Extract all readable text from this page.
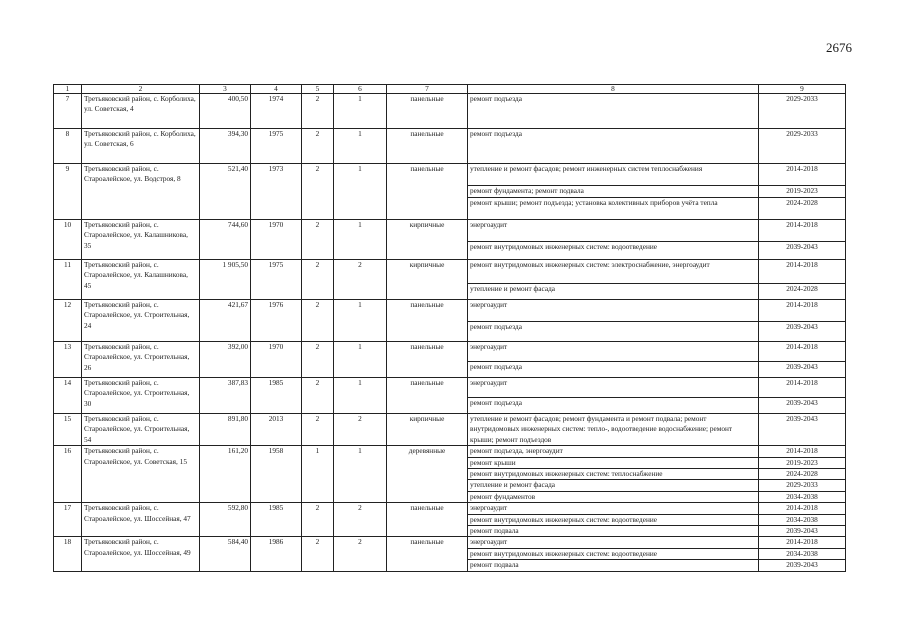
2676
1	2	3	4	5	6	7	8	9
7	Третьяковский район, с. Корболиха, ул. Советская, 4	400,50	1974	2	1	панельные	ремонт подъезда	2029-2033
8	Третьяковский район, с. Корболиха, ул. Советская, 6	394,30	1975	2	1	панельные	ремонт подъезда	2029-2033
9	Третьяковский район, с. Староалейское, ул. Водстроя, 8	521,40	1973	2	1	панельные	утепление и ремонт фасадов; ремонт инженерных систем теплоснабжения	2014-2018
							ремонт фундамента; ремонт подвала	2019-2023
							ремонт крыши; ремонт подъезда; установка колективных приборов учёта тепла	2024-2028
10	Третьяковский район, с. Староалейское, ул. Калашникова, 35	744,60	1970	2	1	кирпичные	энергоаудит	2014-2018
							ремонт внутридомовых инженерных систем: водоотведение	2039-2043
11	Третьяковский район, с. Староалейское, ул. Калашникова, 45	1 905,50	1975	2	2	кирпичные	ремонт внутридомовых инженерных систем: электроснабжение, энергоаудит	2014-2018
							утепление и ремонт фасада	2024-2028
12	Третьяковский район, с. Староалейское, ул. Строительная, 24	421,67	1976	2	1	панельные	энергоаудит	2014-2018
							ремонт подъезда	2039-2043
13	Третьяковский район, с. Староалейское, ул. Строительная, 26	392,00	1970	2	1	панельные	энергоаудит	2014-2018
							ремонт подъезда	2039-2043
14	Третьяковский район, с. Староалейское, ул. Строительная, 30	387,83	1985	2	1	панельные	энергоаудит	2014-2018
							ремонт подъезда	2039-2043
15	Третьяковский район, с. Староалейское, ул. Строительная, 54	891,80	2013	2	2	кирпичные	утепление и ремонт фасадов; ремонт фундамента и ремонт подвала; ремонт внутридомовых инженерных систем: тепло-, водоотведение водоснабжение; ремонт крыши; ремонт подъездов	2039-2043
16	Третьяковский район, с. Староалейское, ул. Советская, 15	161,20	1958	1	1	деревянные	ремонт подъезда, энергоаудит	2014-2018
							ремонт крыши	2019-2023
							ремонт внутридомовых инженерных систем: теплоснабжение	2024-2028
							утепление и ремонт фасада	2029-2033
							ремонт фундаментов	2034-2038
17	Третьяковский район, с. Староалейское, ул. Шоссейная, 47	592,80	1985	2	2	панельные	энергоаудит	2014-2018
							ремонт внутридомовых инженерных систем: водоотведение	2034-2038
							ремонт подвала	2039-2043
18	Третьяковский район, с. Староалейское, ул. Шоссейная, 49	584,40	1986	2	2	панельные	энергоаудит	2014-2018
							ремонт внутридомовых инженерных систем: водоотведение	2034-2038
							ремонт подвала	2039-2043
